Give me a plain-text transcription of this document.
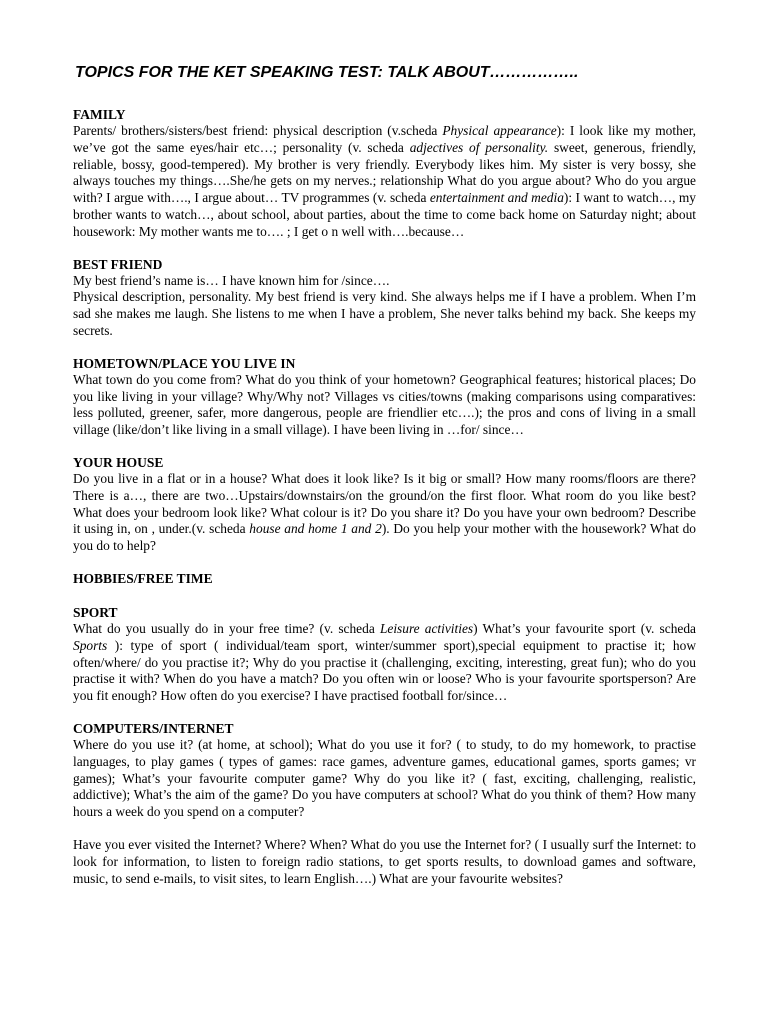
TOPICS FOR THE KET SPEAKING TEST: TALK ABOUT……………..
FAMILY
Parents/ brothers/sisters/best friend: physical description (v.scheda Physical appearance): I look like my mother, we’ve got the same eyes/hair etc…; personality (v. scheda adjectives of personality. sweet, generous, friendly, reliable, bossy, good-tempered). My brother is very friendly. Everybody likes him. My sister is very bossy, she always touches my things….She/he gets on my nerves.; relationship What do you argue about? Who do you argue with? I argue with…., I argue about… TV programmes (v. scheda entertainment and media): I want to watch…, my brother wants to watch…, about school, about parties, about the time to come back home on Saturday night; about housework: My mother wants me to…. ; I get o n well with….because…
BEST FRIEND
My best friend’s name is… I have known him for /since….
Physical description, personality. My best friend is very kind. She always helps me if I have a problem. When I’m sad she makes me laugh. She listens to me when I have a problem, She never talks behind my back. She keeps my secrets.
HOMETOWN/PLACE YOU LIVE IN
What town do you come from? What do you think of your hometown? Geographical features; historical places; Do you like living in your village? Why/Why not? Villages vs cities/towns (making comparisons using comparatives: less polluted, greener, safer, more dangerous, people are friendlier etc….); the pros and cons of living in a small village (like/don’t like living in a small village). I have been living in …for/ since…
YOUR HOUSE
Do you live in a flat or in a house? What does it look like? Is it big or small? How many rooms/floors are there? There is a…, there are two…Upstairs/downstairs/on the ground/on the first floor. What room do you like best? What does your bedroom look like? What colour is it? Do you share it? Do you have your own bedroom? Describe it using in, on , under.(v. scheda house and home 1 and 2). Do you help your mother with the housework? What do you do to help?
HOBBIES/FREE TIME
SPORT
What do you usually do in your free time? (v. scheda Leisure activities) What’s your favourite sport (v. scheda Sports ): type of sport ( individual/team sport, winter/summer sport),special equipment to practise it; how often/where/ do you practise it?; Why do you practise it (challenging, exciting, interesting, great fun); who do you practise it with? When do you have a match? Do you often win or loose? Who is your favourite sportsperson? Are you fit enough? How often do you exercise? I have practised football for/since…
COMPUTERS/INTERNET
Where do you use it? (at home, at school); What do you use it for? ( to study, to do my homework, to practise languages, to play games ( types of games: race games, adventure games, educational games, sports games; vr games); What’s your favourite computer game? Why do you like it? ( fast, exciting, challenging, realistic, addictive); What’s the aim of the game? Do you have computers at school? What do you think of them? How many hours a week do you spend on a computer?
Have you ever visited the Internet? Where? When? What do you use the Internet for? ( I usually surf the Internet: to look for information, to listen to foreign radio stations, to get sports results, to download games and software, music, to send e-mails, to visit sites, to learn English….) What are your favourite websites?
